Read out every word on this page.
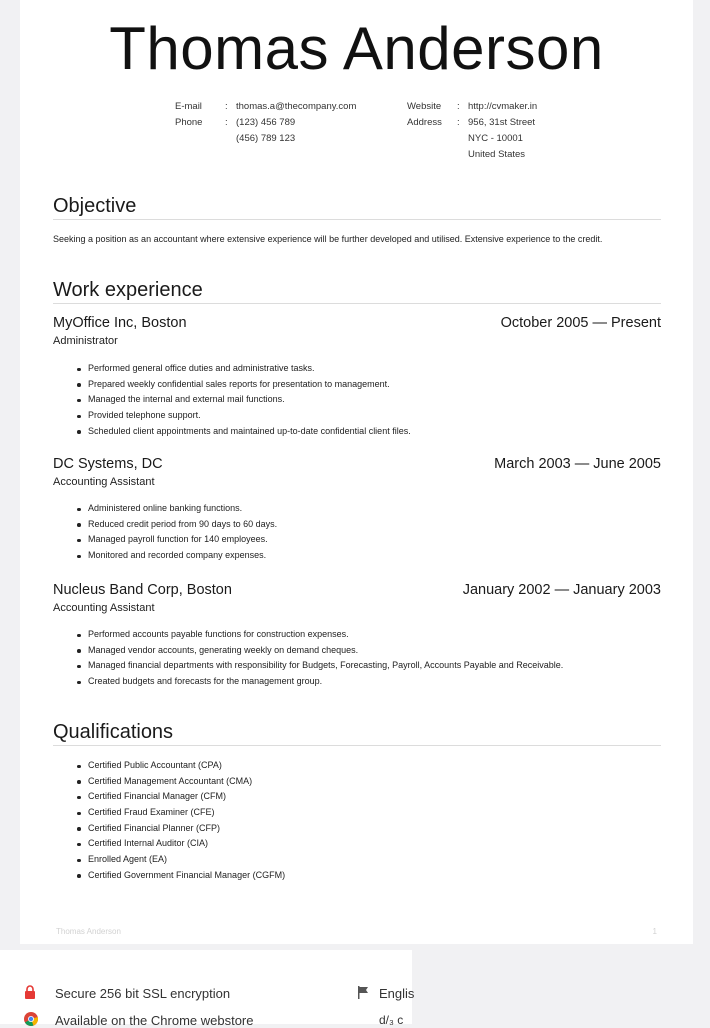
Thomas Anderson
E-mail : thomas.a@thecompany.com
Phone : (123) 456 789
(456) 789 123
Website : http://cvmaker.in
Address : 956, 31st Street
NYC - 10001
United States
Objective
Seeking a position as an accountant where extensive experience will be further developed and utilised. Extensive experience to the credit.
Work experience
MyOffice Inc, Boston	October 2005 — Present
Administrator
Performed general office duties and administrative tasks.
Prepared weekly confidential sales reports for presentation to management.
Managed the internal and external mail functions.
Provided telephone support.
Scheduled client appointments and maintained up-to-date confidential client files.
DC Systems, DC	March 2003 — June 2005
Accounting Assistant
Administered online banking functions.
Reduced credit period from 90 days to 60 days.
Managed payroll function for 140 employees.
Monitored and recorded company expenses.
Nucleus Band Corp, Boston	January 2002 — January 2003
Accounting Assistant
Performed accounts payable functions for construction expenses.
Managed vendor accounts, generating weekly on demand cheques.
Managed financial departments with responsibility for Budgets, Forecasting, Payroll, Accounts Payable and Receivable.
Created budgets and forecasts for the management group.
Qualifications
Certified Public Accountant (CPA)
Certified Management Accountant (CMA)
Certified Financial Manager (CFM)
Certified Fraud Examiner (CFE)
Certified Financial Planner (CFP)
Certified Internal Auditor (CIA)
Enrolled Agent (EA)
Certified Government Financial Manager (CGFM)
Thomas Anderson	1
Secure 256 bit SSL encryption	Englis
Available on the Chrome webstore	d/₃ c
